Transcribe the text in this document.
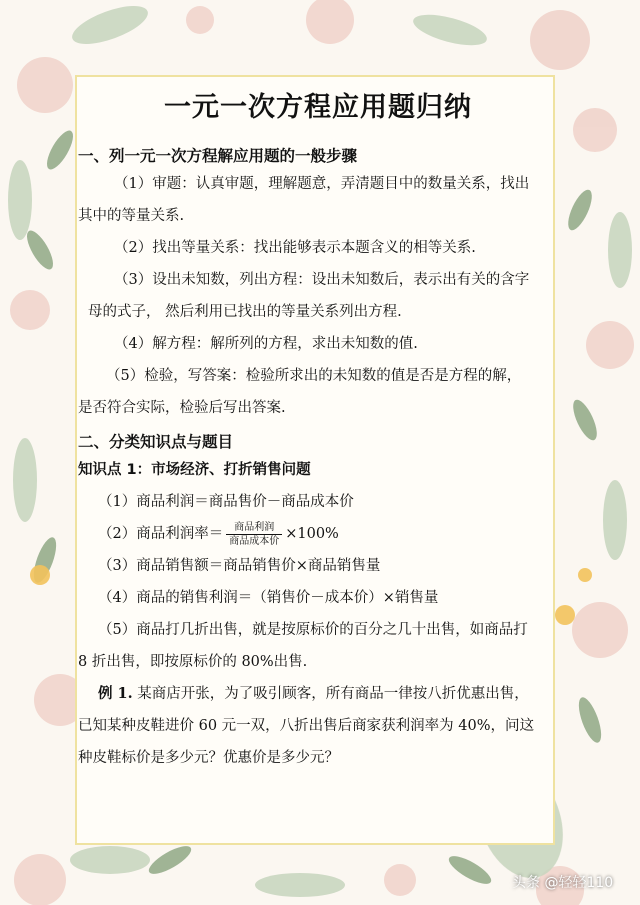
一元一次方程应用题归纳
一、列一元一次方程解应用题的一般步骤
（1）审题：认真审题，理解题意，弄清题目中的数量关系，找出
其中的等量关系.
（2）找出等量关系：找出能够表示本题含义的相等关系.
（3）设出未知数，列出方程：设出未知数后，表示出有关的含字
母的式子， 然后利用已找出的等量关系列出方程.
（4）解方程：解所列的方程，求出未知数的值.
（5）检验，写答案：检验所求出的未知数的值是否是方程的解，
是否符合实际，检验后写出答案.
二、分类知识点与题目
知识点 1：市场经济、打折销售问题
（1）商品利润＝商品售价－商品成本价
（2）商品利润率＝ $\frac{\text{商品利润}}{\text{商品成本价}} \times 100\%$
（3）商品销售额＝商品销售价×商品销售量
（4）商品的销售利润＝（销售价－成本价）×销售量
（5）商品打几折出售，就是按原标价的百分之几十出售，如商品打
8 折出售，即按原标价的 80%出售.
例 1. 某商店开张，为了吸引顾客，所有商品一律按八折优惠出售，
已知某种皮鞋进价 60 元一双，八折出售后商家获利润率为 40%，问这
种皮鞋标价是多少元？优惠价是多少元？
头条 @轻轻110
